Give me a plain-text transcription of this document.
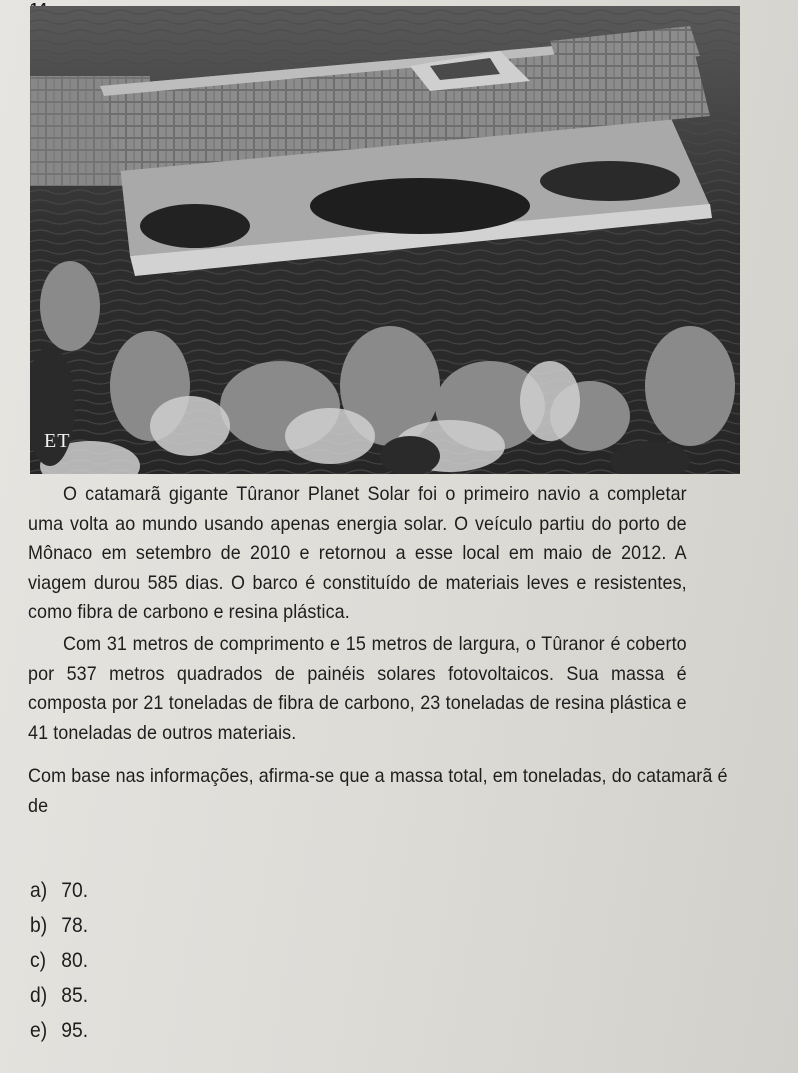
ET
O catamarã gigante Tûranor Planet Solar foi o primeiro navio a completar uma volta ao mundo usando apenas energia solar. O veículo partiu do porto de Mônaco em setembro de 2010 e retornou a esse local em maio de 2012. A viagem durou 585 dias. O barco é constituído de materiais leves e resistentes, como fibra de carbono e resina plástica.
Com 31 metros de comprimento e 15 metros de largura, o Tûranor é coberto por 537 metros quadrados de painéis solares fotovoltaicos. Sua massa é composta por 21 toneladas de fibra de carbono, 23 toneladas de resina plástica e 41 toneladas de outros materiais.
Com base nas informações, afirma-se que a massa total, em toneladas, do catamarã é de
a) 70.
b) 78.
c) 80.
d) 85.
e) 95.
